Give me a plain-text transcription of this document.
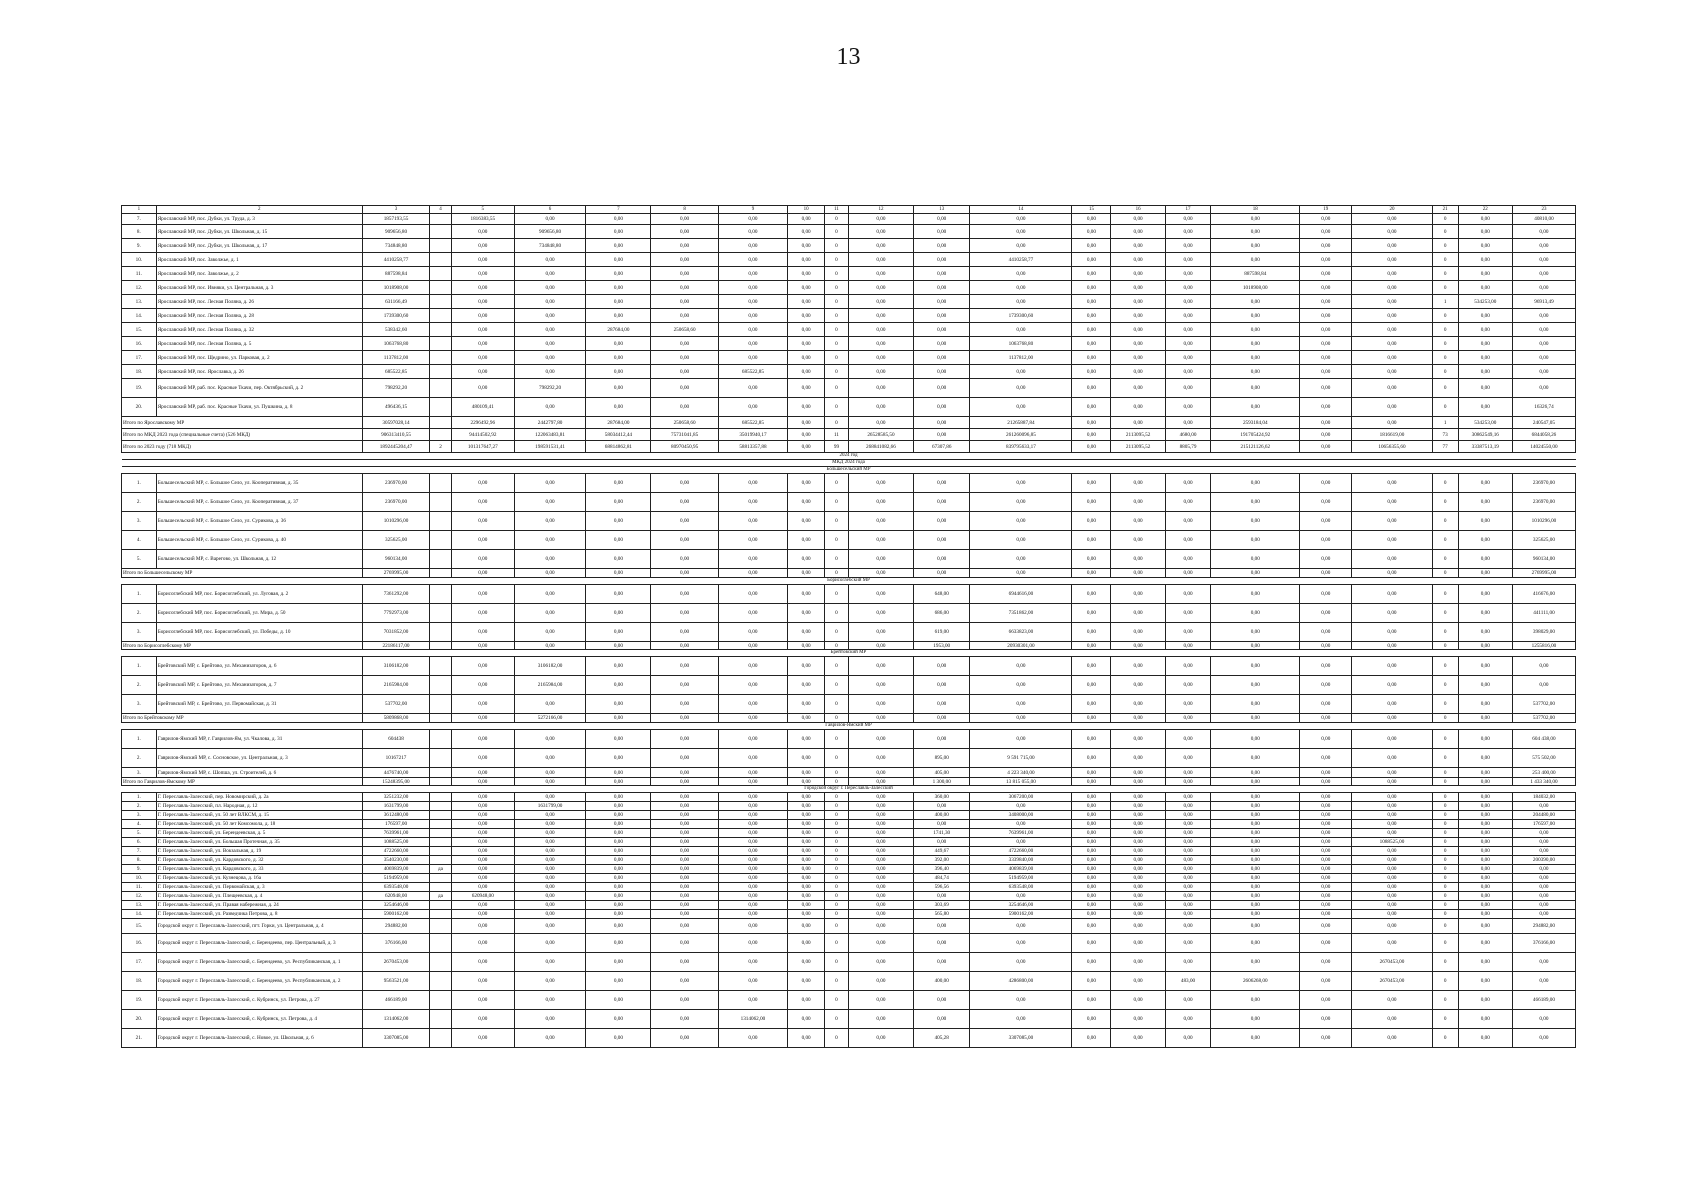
13
1	2	3	4	5	6	7	8	9	10	11	12	13	14	15	16	17	18	19	20	21	22	23
7.	Ярославский МР, пос. Дубки, ул. Труда, д. 3	1857193,55		1816383,55	0,00	0,00	0,00	0,00	0,00	0	0,00	0,00	0,00	0,00	0,00	0,00	0,00	0,00	0,00	0	0,00	40810,00
8.	Ярославский МР, пос. Дубки, ул. Школьная, д. 15	909656,80		0,00	909656,80	0,00	0,00	0,00	0,00	0	0,00	0,00	0,00	0,00	0,00	0,00	0,00	0,00	0,00	0	0,00	0,00
9.	Ярославский МР, пос. Дубки, ул. Школьная, д. 17	734848,80		0,00	734848,80	0,00	0,00	0,00	0,00	0	0,00	0,00	0,00	0,00	0,00	0,00	0,00	0,00	0,00	0	0,00	0,00
10.	Ярославский МР, пос. Заволжье, д. 1	4410258,77		0,00	0,00	0,00	0,00	0,00	0,00	0	0,00	0,00	4410258,77	0,00	0,00	0,00	0,00	0,00	0,00	0	0,00	0,00
11.	Ярославский МР, пос. Заволжье, д. 2	887598,84		0,00	0,00	0,00	0,00	0,00	0,00	0	0,00	0,00	0,00	0,00	0,00	0,00	887598,84	0,00	0,00	0	0,00	0,00
12.	Ярославский МР, пос. Ивняки, ул. Центральная, д. 3	1018908,00		0,00	0,00	0,00	0,00	0,00	0,00	0	0,00	0,00	0,00	0,00	0,00	0,00	1018908,00	0,00	0,00	0	0,00	0,00
13.	Ярославский МР, пос. Лесная Поляна, д. 26	631166,49		0,00	0,00	0,00	0,00	0,00	0,00	0	0,00	0,00	0,00	0,00	0,00	0,00	0,00	0,00	0,00	1	534253,00	96913,49
14.	Ярославский МР, пос. Лесная Поляна, д. 28	1739300,60		0,00	0,00	0,00	0,00	0,00	0,00	0	0,00	0,00	1739300,60	0,00	0,00	0,00	0,00	0,00	0,00	0	0,00	0,00
15.	Ярославский МР, пос. Лесная Поляна, д. 32	538342,60		0,00	0,00	287684,00	250658,60	0,00	0,00	0	0,00	0,00	0,00	0,00	0,00	0,00	0,00	0,00	0,00	0	0,00	0,00
16.	Ярославский МР, пос. Лесная Поляна, д. 5	1063768,80		0,00	0,00	0,00	0,00	0,00	0,00	0	0,00	0,00	1063768,80	0,00	0,00	0,00	0,00	0,00	0,00	0	0,00	0,00
17.	Ярославский МР, пос. Щедрино, ул. Парковая, д. 2	1137812,00		0,00	0,00	0,00	0,00	0,00	0,00	0	0,00	0,00	1137812,00	0,00	0,00	0,00	0,00	0,00	0,00	0	0,00	0,00
18.	Ярославский МР, пос. Ярославка, д. 26	685522,85		0,00	0,00	0,00	0,00	685522,85	0,00	0	0,00	0,00	0,00	0,00	0,00	0,00	0,00	0,00	0,00	0	0,00	0,00
19.	Ярославский МР, раб. пос. Красные Ткачи, пер. Октябрьский, д. 2	798292,20		0,00	798292,20	0,00	0,00	0,00	0,00	0	0,00	0,00	0,00	0,00	0,00	0,00	0,00	0,00	0,00	0	0,00	0,00
20.	Ярославский МР, раб. пос. Красные Ткачи, ул. Пушкина, д. 8	496436,15		480109,41	0,00	0,00	0,00	0,00	0,00	0	0,00	0,00	0,00	0,00	0,00	0,00	0,00	0,00	0,00	0	0,00	16326,74
Итого по Ярославскому МР		30597028,14		2296492,96	2442797,80	287684,00	250658,60	685522,85	0,00	0	0,00	0,00	21265887,84	0,00	0,00	0,00	2593184,04	0,00	0,00	1	534253,00	240547,05
Итого по МКД 2023 года (специальные счета) (526 МКД)		906313410,55		94414502,92	122063483,81	58034412,44	75731041,85	35019940,17	0,00	11	26528585,50	0,00	261260096,85	0,00	2113095,52	4680,00	191705424,92	0,00	1816619,00	73	30862549,16	6844058,26
Итого по 2023 году (718 МКД)		1892445204,47	2	101317647,27	198591531,41	68814862,81	80970450,95	58813357,88	0,00	99	268841082,66	67307,86	839795633,17	0,00	2113095,52	8805,79	215121126,62	0,00	10656355,60	77	33387513,19	14024550,00
2024 год																						
МКД 2024 года																						
Большесельский МР																						
1.	Большесельский МР, с. Большое Село, ул. Кооперативная, д. 35	236970,00		0,00	0,00	0,00	0,00	0,00	0,00	0	0,00	0,00	0,00	0,00	0,00	0,00	0,00	0,00	0,00	0	0,00	236970,00
2.	Большесельский МР, с. Большое Село, ул. Кооперативная, д. 37	236970,00		0,00	0,00	0,00	0,00	0,00	0,00	0	0,00	0,00	0,00	0,00	0,00	0,00	0,00	0,00	0,00	0	0,00	236970,00
3.	Большесельский МР, с. Большое Село, ул. Сурикова, д. 36	1010296,00		0,00	0,00	0,00	0,00	0,00	0,00	0	0,00	0,00	0,00	0,00	0,00	0,00	0,00	0,00	0,00	0	0,00	1010296,00
4.	Большесельский МР, с. Большое Село, ул. Сурикова, д. 40	325625,00		0,00	0,00	0,00	0,00	0,00	0,00	0	0,00	0,00	0,00	0,00	0,00	0,00	0,00	0,00	0,00	0	0,00	325625,00
5.	Большесельский МР, с. Варегово, ул. Школьная, д. 12	960134,00		0,00	0,00	0,00	0,00	0,00	0,00	0	0,00	0,00	0,00	0,00	0,00	0,00	0,00	0,00	0,00	0	0,00	960134,00
Итого по Большесельскому МР		2769995,00		0,00	0,00	0,00	0,00	0,00	0,00	0	0,00	0,00	0,00	0,00	0,00	0,00	0,00	0,00	0,00	0	0,00	2769995,00
Борисоглебский МР																						
1.	Борисоглебский МР, пос. Борисоглебский, ул. Луговая, д. 2	7361292,00		0,00	0,00	0,00	0,00	0,00	0,00	0	0,00	648,00	6944616,00	0,00	0,00	0,00	0,00	0,00	0,00	0	0,00	416676,00
2.	Борисоглебский МР, пос. Борисоглебский, ул. Мира, д. 50	7792973,00		0,00	0,00	0,00	0,00	0,00	0,00	0	0,00	686,00	7351862,00	0,00	0,00	0,00	0,00	0,00	0,00	0	0,00	441111,00
3.	Борисоглебский МР, пос. Борисоглебский, ул. Победы, д. 10	7031852,00		0,00	0,00	0,00	0,00	0,00	0,00	0	0,00	619,00	6633823,00	0,00	0,00	0,00	0,00	0,00	0,00	0	0,00	398029,00
Итого по Борисоглебскому МР		22186117,00		0,00	0,00	0,00	0,00	0,00	0,00	0	0,00	1953,00	20930301,00	0,00	0,00	0,00	0,00	0,00	0,00	0	0,00	1255816,00
Брейтовский МР																						
1.	Брейтовский МР, с. Брейтово, ул. Механизаторов, д. 6	3106182,00		0,00	3106182,00	0,00	0,00	0,00	0,00	0	0,00	0,00	0,00	0,00	0,00	0,00	0,00	0,00	0,00	0	0,00	0,00
2.	Брейтовский МР, с. Брейтово, ул. Механизаторов, д. 7	2165984,00		0,00	2165984,00	0,00	0,00	0,00	0,00	0	0,00	0,00	0,00	0,00	0,00	0,00	0,00	0,00	0,00	0	0,00	0,00
3.	Брейтовский МР, с. Брейтово, ул. Первомайская, д. 31	537702,00		0,00	0,00	0,00	0,00	0,00	0,00	0	0,00	0,00	0,00	0,00	0,00	0,00	0,00	0,00	0,00	0	0,00	537702,00
Итого по Брейтовскому МР		5809868,00		0,00	5272166,00	0,00	0,00	0,00	0,00	0	0,00	0,00	0,00	0,00	0,00	0,00	0,00	0,00	0,00	0	0,00	537702,00
Гаврилов-Ямский МР																						
1.	Гаврилов-Ямский МР, г. Гаврилов-Ям, ул. Чкалова, д. 31	604438		0,00	0,00	0,00	0,00	0,00	0,00	0	0,00	0,00	0,00	0,00	0,00	0,00	0,00	0,00	0,00	0	0,00	604 438,00
2.	Гаврилов-Ямский МР, с. Сосновское, ул. Центральная, д. 3	10167217		0,00	0,00	0,00	0,00	0,00	0,00	0	0,00	895,00	9 591 715,00	0,00	0,00	0,00	0,00	0,00	0,00	0	0,00	575 502,00
3.	Гаврилов-Ямский МР, с. Шопша, ул. Строителей, д. 6	4476740,00		0,00	0,00	0,00	0,00	0,00	0,00	0	0,00	405,00	4 223 340,00	0,00	0,00	0,00	0,00	0,00	0,00	0	0,00	253 400,00
Итого по Гаврилов-Ямскому МР		15248395,00		0,00	0,00	0,00	0,00	0,00	0,00	0	0,00	1 300,00	13 815 055,00	0,00	0,00	0,00	0,00	0,00	0,00	0	0,00	1 433 340,00
Городской округ г. Переславль-Залесский																						
1.	Г. Переславль-Залесский, пер. Новомирский, д. 2а	3251232,00		0,00	0,00	0,00	0,00	0,00	0,00	0	0,00	360,00	3067200,00	0,00	0,00	0,00	0,00	0,00	0,00	0	0,00	184032,00
2.	Г. Переславль-Залесский, пл. Народная, д. 12	1631799,00		0,00	1631799,00	0,00	0,00	0,00	0,00	0	0,00	0,00	0,00	0,00	0,00	0,00	0,00	0,00	0,00	0	0,00	0,00
3.	Г. Переславль-Залесский, ул. 50 лет ВЛКСМ, д. 15	3612480,00		0,00	0,00	0,00	0,00	0,00	0,00	0	0,00	400,00	3408000,00	0,00	0,00	0,00	0,00	0,00	0,00	0	0,00	204480,00
4.	Г. Переславль-Залесский, ул. 50 лет Комсомола, д. 18	176597,00		0,00	0,00	0,00	0,00	0,00	0,00	0	0,00	0,00	0,00	0,00	0,00	0,00	0,00	0,00	0,00	0	0,00	176597,00
5.	Г. Переславль-Залесский, ул. Берендеевская, д. 5	7639961,00		0,00	0,00	0,00	0,00	0,00	0,00	0	0,00	1741,30	7639961,00	0,00	0,00	0,00	0,00	0,00	0,00	0	0,00	0,00
6.	Г. Переславль-Залесский, ул. Большая Протечная, д. 35	1088525,00		0,00	0,00	0,00	0,00	0,00	0,00	0	0,00	0,00	0,00	0,00	0,00	0,00	0,00	0,00	1088525,00	0	0,00	0,00
7.	Г. Переславль-Залесский, ул. Вокзальная, д. 19	4722660,00		0,00	0,00	0,00	0,00	0,00	0,00	0	0,00	449,67	4722660,00	0,00	0,00	0,00	0,00	0,00	0,00	0	0,00	0,00
8.	Г. Переславль-Залесский, ул. Кардовского, д. 32	3540230,00		0,00	0,00	0,00	0,00	0,00	0,00	0	0,00	392,00	3339840,00	0,00	0,00	0,00	0,00	0,00	0,00	0	0,00	200390,00
9.	Г. Переславль-Залесский, ул. Кардовского, д. 33	4069839,00	да	0,00	0,00	0,00	0,00	0,00	0,00	0	0,00	396,40	4069839,00	0,00	0,00	0,00	0,00	0,00	0,00	0	0,00	0,00
10.	Г. Переславль-Залесский, ул. Кузнецова, д. 16а	5194959,00		0,00	0,00	0,00	0,00	0,00	0,00	0	0,00	484,74	5194959,00	0,00	0,00	0,00	0,00	0,00	0,00	0	0,00	0,00
11.	Г. Переславль-Залесский, ул. Первомайская, д. 3	6393548,00		0,00	0,00	0,00	0,00	0,00	0,00	0	0,00	596,56	6393548,00	0,00	0,00	0,00	0,00	0,00	0,00	0	0,00	0,00
12.	Г. Переславль-Залесский, ул. Плещеевская, д. 4	620948,00	да	620948,00	0,00	0,00	0,00	0,00	0,00	0	0,00	0,00	0,00	0,00	0,00	0,00	0,00	0,00	0,00	0	0,00	0,00
13.	Г. Переславль-Залесский, ул. Правая набережная, д. 24	3254646,00		0,00	0,00	0,00	0,00	0,00	0,00	0	0,00	303,69	3254646,00	0,00	0,00	0,00	0,00	0,00	0,00	0	0,00	0,00
14.	Г. Переславль-Залесский, ул. Разведчика Петрова, д. 8	5900162,00		0,00	0,00	0,00	0,00	0,00	0,00	0	0,00	565,80	5900162,00	0,00	0,00	0,00	0,00	0,00	0,00	0	0,00	0,00
15.	Городской округ г. Переславль-Залесский, пгт. Горки, ул. Центральная, д. 4	294882,00		0,00	0,00	0,00	0,00	0,00	0,00	0	0,00	0,00	0,00	0,00	0,00	0,00	0,00	0,00	0,00	0	0,00	294882,00
16.	Городской округ г. Переславль-Залесский, с. Берендеево, пер. Центральный, д. 3	376166,00		0,00	0,00	0,00	0,00	0,00	0,00	0	0,00	0,00	0,00	0,00	0,00	0,00	0,00	0,00	0,00	0	0,00	376166,00
17.	Городской округ г. Переславль-Залесский, с. Берендеево, ул. Республиканская, д. 1	2670453,00		0,00	0,00	0,00	0,00	0,00	0,00	0	0,00	0,00	0,00	0,00	0,00	0,00	0,00	0,00	2670453,00	0	0,00	0,00
18.	Городской округ г. Переславль-Залесский, с. Берендеево, ул. Республиканская, д. 2	9563521,00		0,00	0,00	0,00	0,00	0,00	0,00	0	0,00	400,00	4286800,00	0,00	0,00	483,00	2606268,00	0,00	2670453,00	0	0,00	0,00
19.	Городской округ г. Переславль-Залесский, с. Кубринск, ул. Петрова, д. 27	466189,00		0,00	0,00	0,00	0,00	0,00	0,00	0	0,00	0,00	0,00	0,00	0,00	0,00	0,00	0,00	0,00	0	0,00	466189,00
20.	Городской округ г. Переславль-Залесский, с. Кубринск, ул. Петрова, д. 4	1314062,00		0,00	0,00	0,00	0,00	1314062,00	0,00	0	0,00	0,00	0,00	0,00	0,00	0,00	0,00	0,00	0,00	0	0,00	0,00
21.	Городской округ г. Переславль-Залесский, с. Новое, ул. Школьная, д. 6	3307085,00		0,00	0,00	0,00	0,00	0,00	0,00	0	0,00	405,28	3307085,00	0,00	0,00	0,00	0,00	0,00	0,00	0	0,00	0,00
